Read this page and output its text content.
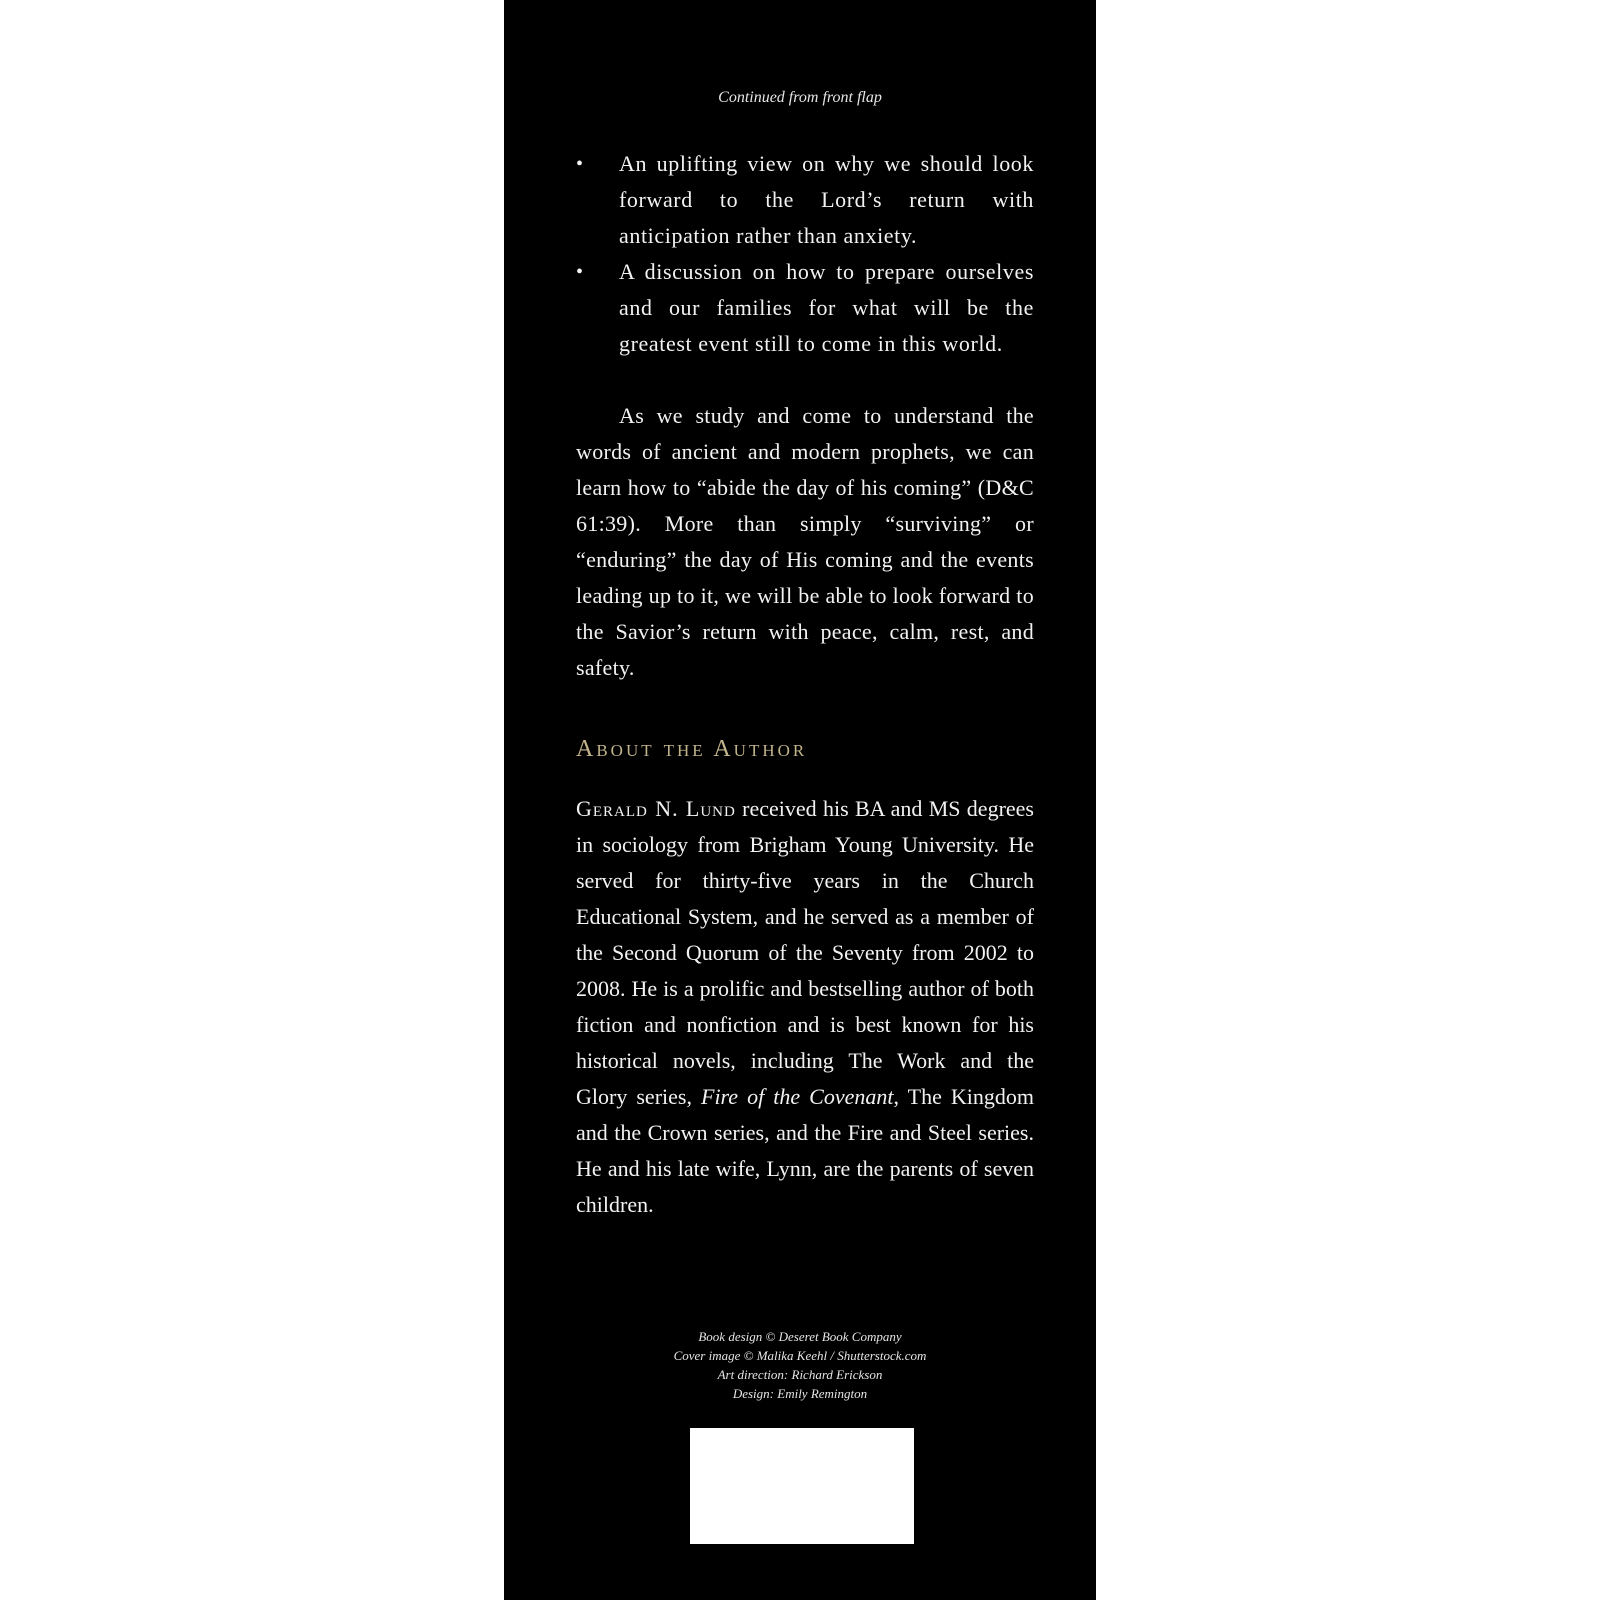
Continued from front flap
• An uplifting view on why we should look forward to the Lord’s return with anticipation rather than anxiety.
• A discussion on how to prepare ourselves and our families for what will be the greatest event still to come in this world.

As we study and come to understand the words of ancient and modern prophets, we can learn how to “abide the day of his coming” (D&C 61:39). More than simply “surviving” or “enduring” the day of His coming and the events leading up to it, we will be able to look forward to the Savior’s return with peace, calm, rest, and safety.

About the Author

Gerald N. Lund received his BA and MS degrees in sociology from Brigham Young University. He served for thirty-five years in the Church Educational System, and he served as a member of the Second Quorum of the Seventy from 2002 to 2008. He is a prolific and bestselling author of both fiction and nonfiction and is best known for his historical novels, including The Work and the Glory series, Fire of the Covenant, The Kingdom and the Crown series, and the Fire and Steel series. He and his late wife, Lynn, are the parents of seven children.

Book design © Deseret Book Company
Cover image © Malika Keehl / Shutterstock.com
Art direction: Richard Erickson
Design: Emily Remington
